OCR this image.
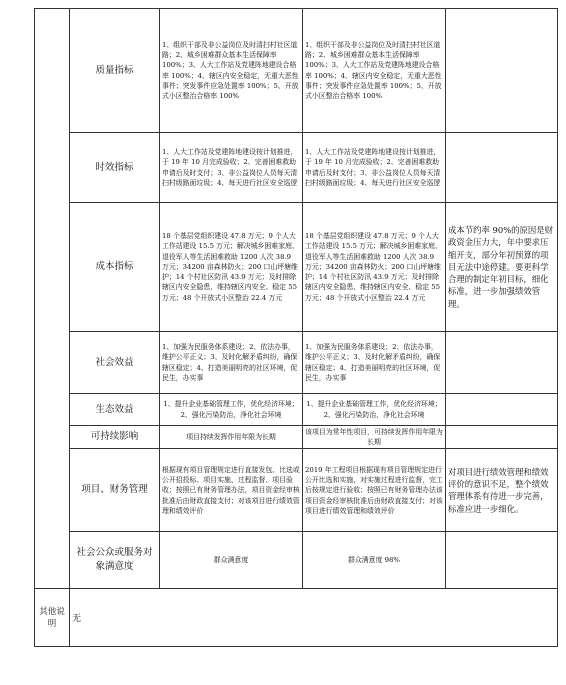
	质量指标	1、组织干部及非公益岗位及时清扫村社区道路；2、城乡困难群众基本生活保障率 100%；3、人大工作站及党建阵地建设合格率 100%；4、辖区内安全稳定，无重大恶性事件；突发事件应急处置率 100%；5、开放式小区整治合格率 100%	1、组织干部及非公益岗位及时清扫村社区道路；2、城乡困难群众基本生活保障率 100%；3、人大工作站及党建阵地建设合格率 100%；4、辖区内安全稳定，无重大恶性事件；突发事件应急处置率 100%；5、开放式小区整治合格率 100%	
	时效指标	1、人大工作站及党建阵地建设按计划推进，于 19 年 10 月完成验收；2、完善困难救助申请后及时支付；3、非公益岗位人员每天清扫村级路面垃圾；4、每天进行社区安全巡逻	1、人大工作站及党建阵地建设按计划推进，于 19 年 10 月完成验收；2、完善困难救助申请后及时支付；3、非公益岗位人员每天清扫村级路面垃圾；4、每天进行社区安全巡逻	
	成本指标	18 个基层党组织建设 47.8 万元；9 个人大工作站建设 15.5 万元；解决城乡困难家庭、退役军人等生活困难救助 1200 人次 38.9 万元；34200 亩森林防火；200 口山坪塘维护；14 个村社区防汛 43.9 万元；及时排除辖区内安全隐患，维持辖区内安全、稳定 55 万元；48 个开放式小区整治 22.4 万元	18 个基层党组织建设 47.8 万元；9 个人大工作站建设 15.5 万元；解决城乡困难家庭、退役军人等生活困难救助 1200 人次 38.9 万元；34200 亩森林防火；200 口山坪塘维护；14 个村社区防汛 43.9 万元；及时排除辖区内安全隐患，维持辖区内安全、稳定 55 万元；48 个开放式小区整治 22.4 万元	成本节约率 90%的原因是财政资金压力大，年中要求压缩开支，部分年初预算的项目无法中途停建。要更科学合理的制定年初目标，细化标准，进一步加强绩效管理。
	社会效益	1、加强为民服务体系建设；2、依法办事，维护公平正义；3、及时化解矛盾纠纷，确保辖区稳定；4、打造美丽明亮的社区环境，促民生，办实事	1、加强为民服务体系建设；2、依法办事，维护公平正义；3、及时化解矛盾纠纷，确保辖区稳定；4、打造美丽明亮的社区环境，促民生，办实事	
	生态效益	1、提升企业基础管理工作，优化经济环境；2、强化污染防治，净化社会环境	1、提升企业基础管理工作，优化经济环境；2、强化污染防治，净化社会环境	
	可持续影响	项目持续发挥作用年限为长期	该项目为常年性项目，可持续发挥作用年限为长期	
	项目、财务管理	根据现有项目管理规定进行直接发包、比选或公开招投标、项目实施、过程监督、项目验收；按照已有财务管理办法，项目资金经审核批准后由财政直接支付；对该项目进行绩效管理和绩效评价	2019 年工程项目根据现有项目管理规定进行公开比选和实施，对实施过程进行监督，完工后按规定进行验收；按照已有财务管理办法该项目资金经审核批准后由财政直接支付；对该项目进行绩效管理和绩效评价	对项目进行绩效管理和绩效评价的意识不足，整个绩效管理体系有待进一步完善，标准应进一步细化。
	社会公众或服务对象满意度	群众满意度	群众满意度 98%	
其他说明	无			
